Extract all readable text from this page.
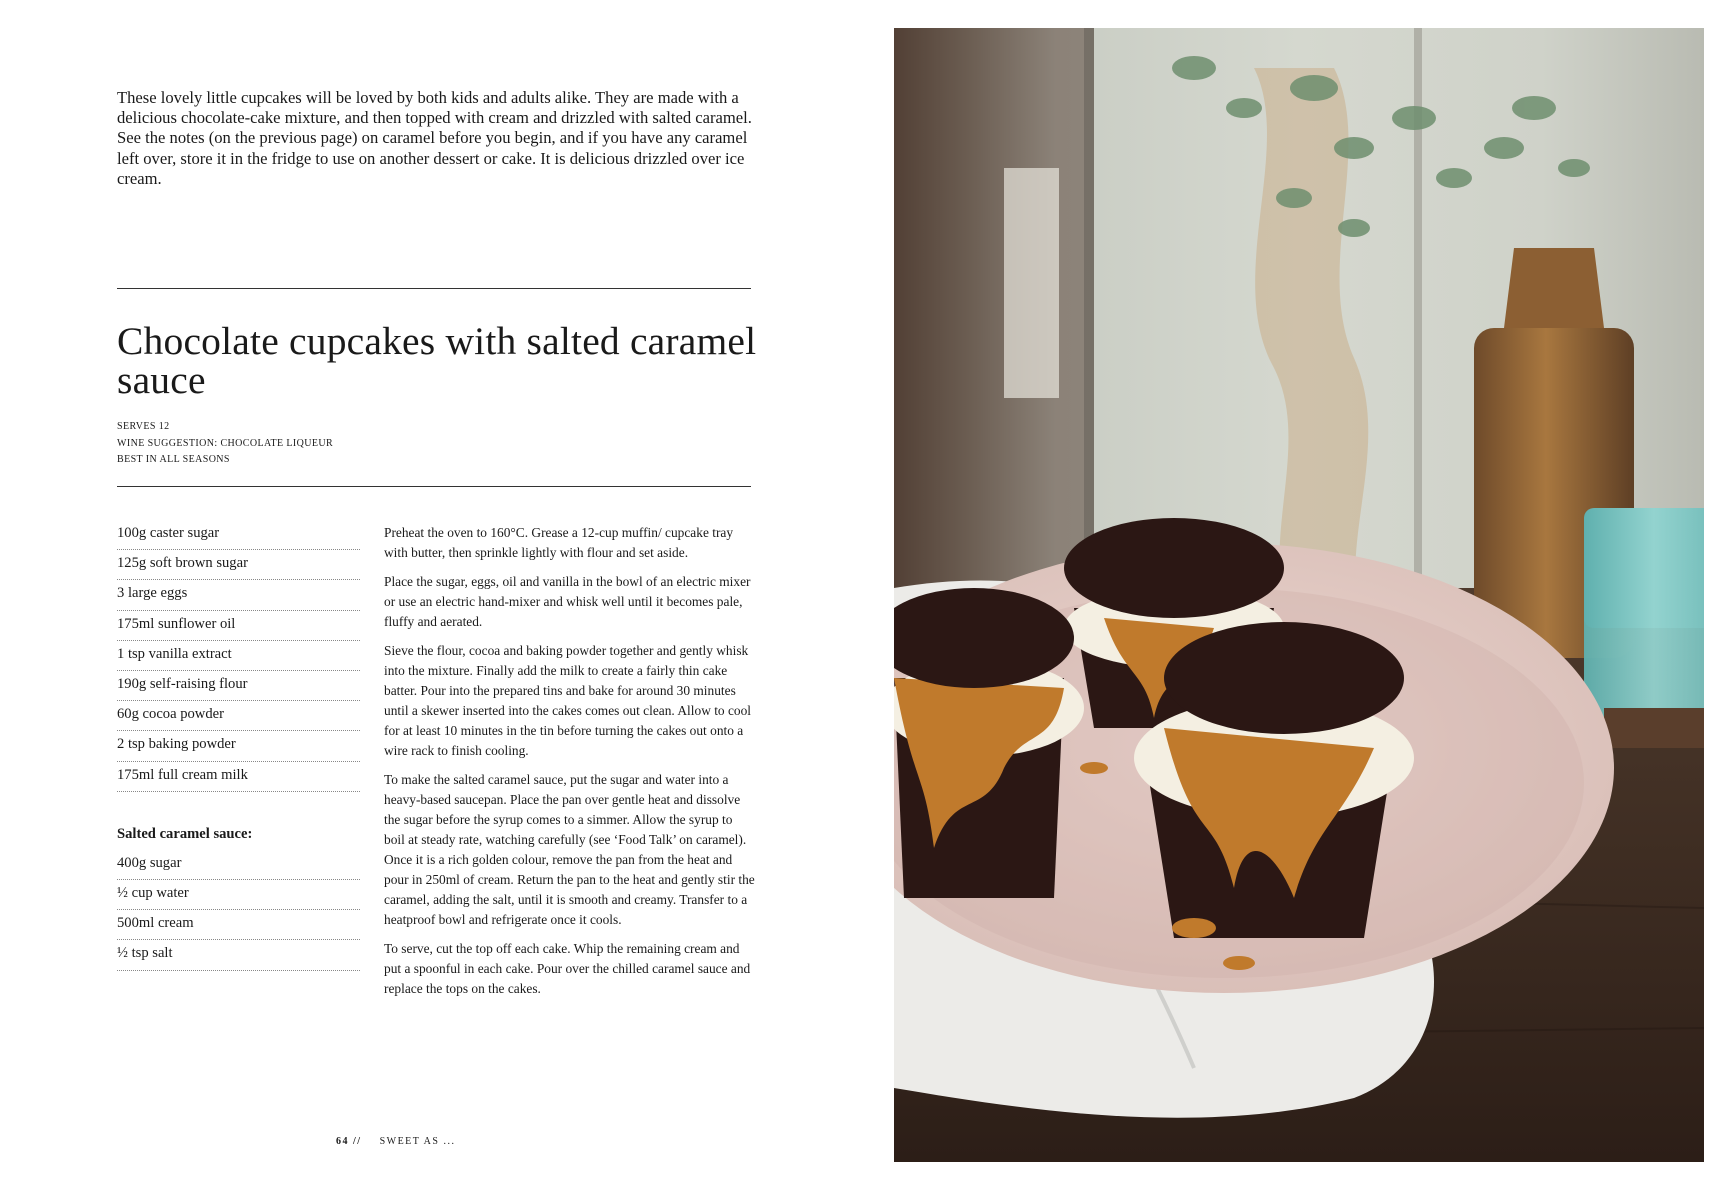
These lovely little cupcakes will be loved by both kids and adults alike. They are made with a delicious chocolate-cake mixture, and then topped with cream and drizzled with salted caramel. See the notes (on the previous page) on caramel before you begin, and if you have any caramel left over, store it in the fridge to use on another dessert or cake. It is delicious drizzled over ice cream.

Chocolate cupcakes with salted caramel sauce
SERVES 12
WINE SUGGESTION: CHOCOLATE LIQUEUR
BEST IN ALL SEASONS
100g caster sugar
125g soft brown sugar
3 large eggs
175ml sunflower oil
1 tsp vanilla extract
190g self-raising flour
60g cocoa powder
2 tsp baking powder
175ml full cream milk
Salted caramel sauce:
400g sugar
½ cup water
500ml cream
½ tsp salt

Preheat the oven to 160°C. Grease a 12-cup muffin/ cupcake tray with butter, then sprinkle lightly with flour and set aside.

Place the sugar, eggs, oil and vanilla in the bowl of an electric mixer or use an electric hand-mixer and whisk well until it becomes pale, fluffy and aerated.

Sieve the flour, cocoa and baking powder together and gently whisk into the mixture. Finally add the milk to create a fairly thin cake batter. Pour into the prepared tins and bake for around 30 minutes until a skewer inserted into the cakes comes out clean. Allow to cool for at least 10 minutes in the tin before turning the cakes out onto a wire rack to finish cooling.

To make the salted caramel sauce, put the sugar and water into a heavy-based saucepan. Place the pan over gentle heat and dissolve the sugar before the syrup comes to a simmer. Allow the syrup to boil at steady rate, watching carefully (see ‘Food Talk’ on caramel). Once it is a rich golden colour, remove the pan from the heat and pour in 250ml of cream. Return the pan to the heat and gently stir the caramel, adding the salt, until it is smooth and creamy. Transfer to a heatproof bowl and refrigerate once it cools.

To serve, cut the top off each cake. Whip the remaining cream and put a spoonful in each cake. Pour over the chilled caramel sauce and replace the tops on the cakes.

64 // SWEET AS ...
